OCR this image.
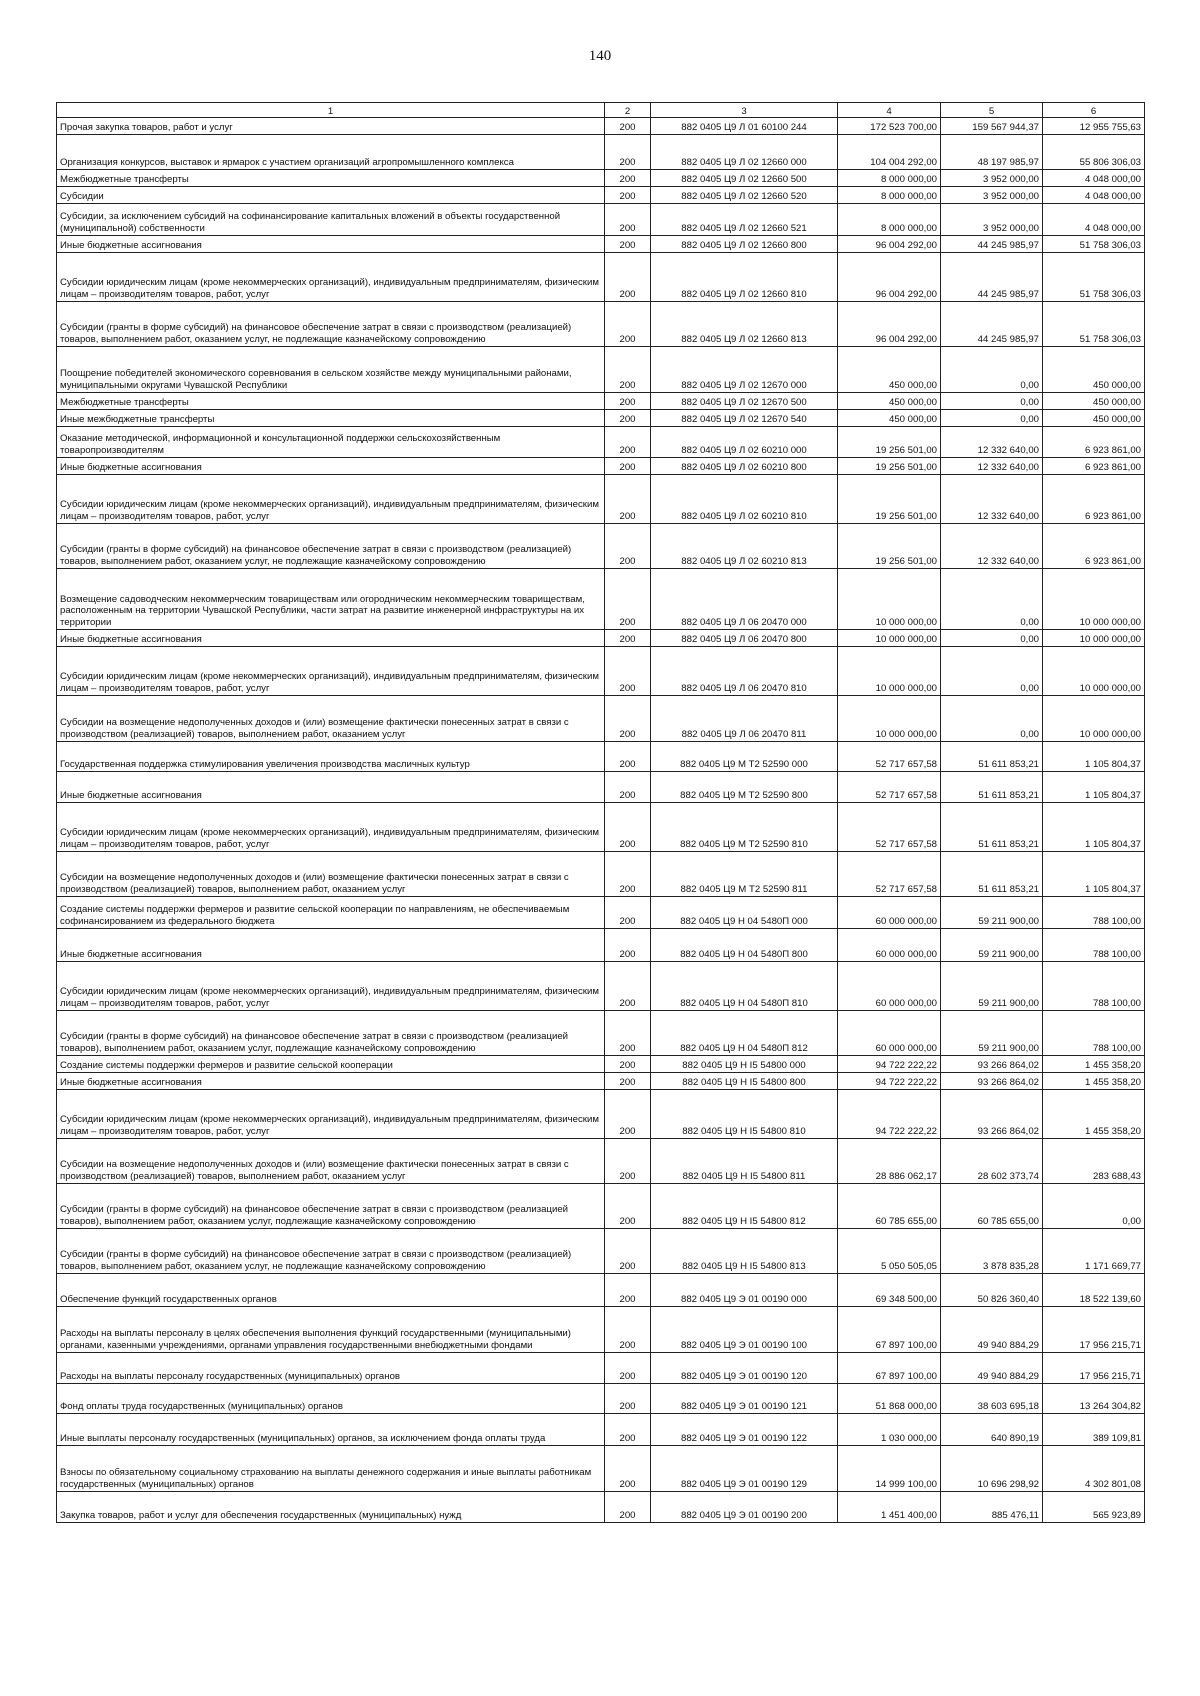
140
1	2	3	4	5	6
Прочая закупка товаров, работ и услуг	200	882 0405 Ц9 Л 01 60100 244	172 523 700,00	159 567 944,37	12 955 755,63
Организация конкурсов, выставок и ярмарок с участием организаций агропромышленного комплекса	200	882 0405 Ц9 Л 02 12660 000	104 004 292,00	48 197 985,97	55 806 306,03
Межбюджетные трансферты	200	882 0405 Ц9 Л 02 12660 500	8 000 000,00	3 952 000,00	4 048 000,00
Субсидии	200	882 0405 Ц9 Л 02 12660 520	8 000 000,00	3 952 000,00	4 048 000,00
Субсидии, за исключением субсидий на софинансирование капитальных вложений в объекты государственной (муниципальной) собственности	200	882 0405 Ц9 Л 02 12660 521	8 000 000,00	3 952 000,00	4 048 000,00
Иные бюджетные ассигнования	200	882 0405 Ц9 Л 02 12660 800	96 004 292,00	44 245 985,97	51 758 306,03
Субсидии юридическим лицам (кроме некоммерческих организаций), индивидуальным предпринимателям, физическим лицам – производителям товаров, работ, услуг	200	882 0405 Ц9 Л 02 12660 810	96 004 292,00	44 245 985,97	51 758 306,03
Субсидии (гранты в форме субсидий) на финансовое обеспечение затрат в связи с производством (реализацией) товаров, выполнением работ, оказанием услуг, не подлежащие казначейскому сопровождению	200	882 0405 Ц9 Л 02 12660 813	96 004 292,00	44 245 985,97	51 758 306,03
Поощрение победителей экономического соревнования в сельском хозяйстве между муниципальными районами, муниципальными округами Чувашской Республики	200	882 0405 Ц9 Л 02 12670 000	450 000,00	0,00	450 000,00
Межбюджетные трансферты	200	882 0405 Ц9 Л 02 12670 500	450 000,00	0,00	450 000,00
Иные межбюджетные трансферты	200	882 0405 Ц9 Л 02 12670 540	450 000,00	0,00	450 000,00
Оказание методической, информационной и консультационной поддержки сельскохозяйственным товаропроизводителям	200	882 0405 Ц9 Л 02 60210 000	19 256 501,00	12 332 640,00	6 923 861,00
Иные бюджетные ассигнования	200	882 0405 Ц9 Л 02 60210 800	19 256 501,00	12 332 640,00	6 923 861,00
Субсидии юридическим лицам (кроме некоммерческих организаций), индивидуальным предпринимателям, физическим лицам – производителям товаров, работ, услуг	200	882 0405 Ц9 Л 02 60210 810	19 256 501,00	12 332 640,00	6 923 861,00
Субсидии (гранты в форме субсидий) на финансовое обеспечение затрат в связи с производством (реализацией) товаров, выполнением работ, оказанием услуг, не подлежащие казначейскому сопровождению	200	882 0405 Ц9 Л 02 60210 813	19 256 501,00	12 332 640,00	6 923 861,00
Возмещение садоводческим некоммерческим товариществам или огородническим некоммерческим товариществам, расположенным на территории Чувашской Республики, части затрат на развитие инженерной инфраструктуры на их территории	200	882 0405 Ц9 Л 06 20470 000	10 000 000,00	0,00	10 000 000,00
Иные бюджетные ассигнования	200	882 0405 Ц9 Л 06 20470 800	10 000 000,00	0,00	10 000 000,00
Субсидии юридическим лицам (кроме некоммерческих организаций), индивидуальным предпринимателям, физическим лицам – производителям товаров, работ, услуг	200	882 0405 Ц9 Л 06 20470 810	10 000 000,00	0,00	10 000 000,00
Субсидии на возмещение недополученных доходов и (или) возмещение фактически понесенных затрат в связи с производством (реализацией) товаров, выполнением работ, оказанием услуг	200	882 0405 Ц9 Л 06 20470 811	10 000 000,00	0,00	10 000 000,00
Государственная поддержка стимулирования увеличения производства масличных культур	200	882 0405 Ц9 М Т2 52590 000	52 717 657,58	51 611 853,21	1 105 804,37
Иные бюджетные ассигнования	200	882 0405 Ц9 М Т2 52590 800	52 717 657,58	51 611 853,21	1 105 804,37
Субсидии юридическим лицам (кроме некоммерческих организаций), индивидуальным предпринимателям, физическим лицам – производителям товаров, работ, услуг	200	882 0405 Ц9 М Т2 52590 810	52 717 657,58	51 611 853,21	1 105 804,37
Субсидии на возмещение недополученных доходов и (или) возмещение фактически понесенных затрат в связи с производством (реализацией) товаров, выполнением работ, оказанием услуг	200	882 0405 Ц9 М Т2 52590 811	52 717 657,58	51 611 853,21	1 105 804,37
Создание системы поддержки фермеров и развитие сельской кооперации по направлениям, не обеспечиваемым софинансированием из федерального бюджета	200	882 0405 Ц9 Н 04 5480П 000	60 000 000,00	59 211 900,00	788 100,00
Иные бюджетные ассигнования	200	882 0405 Ц9 Н 04 5480П 800	60 000 000,00	59 211 900,00	788 100,00
Субсидии юридическим лицам (кроме некоммерческих организаций), индивидуальным предпринимателям, физическим лицам – производителям товаров, работ, услуг	200	882 0405 Ц9 Н 04 5480П 810	60 000 000,00	59 211 900,00	788 100,00
Субсидии (гранты в форме субсидий) на финансовое обеспечение затрат в связи с производством (реализацией товаров), выполнением работ, оказанием услуг, подлежащие казначейскому сопровождению	200	882 0405 Ц9 Н 04 5480П 812	60 000 000,00	59 211 900,00	788 100,00
Создание системы поддержки фермеров и развитие сельской кооперации	200	882 0405 Ц9 Н I5 54800 000	94 722 222,22	93 266 864,02	1 455 358,20
Иные бюджетные ассигнования	200	882 0405 Ц9 Н I5 54800 800	94 722 222,22	93 266 864,02	1 455 358,20
Субсидии юридическим лицам (кроме некоммерческих организаций), индивидуальным предпринимателям, физическим лицам – производителям товаров, работ, услуг	200	882 0405 Ц9 Н I5 54800 810	94 722 222,22	93 266 864,02	1 455 358,20
Субсидии на возмещение недополученных доходов и (или) возмещение фактически понесенных затрат в связи с производством (реализацией) товаров, выполнением работ, оказанием услуг	200	882 0405 Ц9 Н I5 54800 811	28 886 062,17	28 602 373,74	283 688,43
Субсидии (гранты в форме субсидий) на финансовое обеспечение затрат в связи с производством (реализацией товаров), выполнением работ, оказанием услуг, подлежащие казначейскому сопровождению	200	882 0405 Ц9 Н I5 54800 812	60 785 655,00	60 785 655,00	0,00
Субсидии (гранты в форме субсидий) на финансовое обеспечение затрат в связи с производством (реализацией) товаров, выполнением работ, оказанием услуг, не подлежащие казначейскому сопровождению	200	882 0405 Ц9 Н I5 54800 813	5 050 505,05	3 878 835,28	1 171 669,77
Обеспечение функций государственных органов	200	882 0405 Ц9 Э 01 00190 000	69 348 500,00	50 826 360,40	18 522 139,60
Расходы на выплаты персоналу в целях обеспечения выполнения функций государственными (муниципальными) органами, казенными учреждениями, органами управления государственными внебюджетными фондами	200	882 0405 Ц9 Э 01 00190 100	67 897 100,00	49 940 884,29	17 956 215,71
Расходы на выплаты персоналу государственных (муниципальных) органов	200	882 0405 Ц9 Э 01 00190 120	67 897 100,00	49 940 884,29	17 956 215,71
Фонд оплаты труда государственных (муниципальных) органов	200	882 0405 Ц9 Э 01 00190 121	51 868 000,00	38 603 695,18	13 264 304,82
Иные выплаты персоналу государственных (муниципальных) органов, за исключением фонда оплаты труда	200	882 0405 Ц9 Э 01 00190 122	1 030 000,00	640 890,19	389 109,81
Взносы по обязательному социальному страхованию на выплаты денежного содержания и иные выплаты работникам государственных (муниципальных) органов	200	882 0405 Ц9 Э 01 00190 129	14 999 100,00	10 696 298,92	4 302 801,08
Закупка товаров, работ и услуг для обеспечения государственных (муниципальных) нужд	200	882 0405 Ц9 Э 01 00190 200	1 451 400,00	885 476,11	565 923,89
